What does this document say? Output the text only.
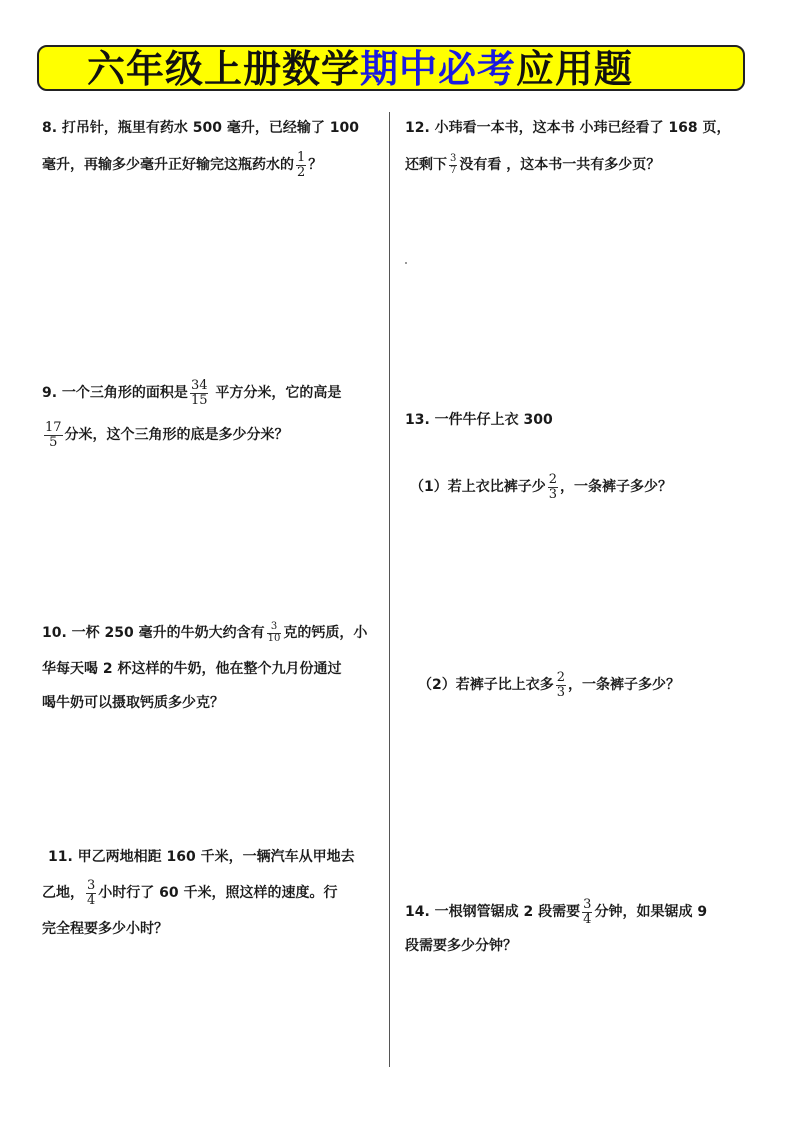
六年级上册数学期中必考应用题
8. 打吊针，瓶里有药水 500 毫升，已经输了 100
毫升，再输多少毫升正好输完这瓶药水的 $\frac{1}{2}$ ？
9. 一个三角形的面积是 $\frac{34}{15}$ 平方分米，它的高是
$\frac{17}{5}$ 分米，这个三角形的底是多少分米？
10. 一杯 250 毫升的牛奶大约含有 $\frac{3}{10}$ 克的钙质，小
华每天喝 2 杯这样的牛奶，他在整个九月份通过
喝牛奶可以摄取钙质多少克？
11. 甲乙两地相距 160 千米，一辆汽车从甲地去
乙地， $\frac{3}{4}$ 小时行了 60 千米，照这样的速度。行
完全程要多少小时？
12. 小玮看一本书，这本书 小玮已经看了 168 页，
还剩下 $\frac{3}{7}$ 没有看 ，这本书一共有多少页？
13. 一件牛仔上衣 300
（1）若上衣比裤子少 $\frac{2}{3}$ ，一条裤子多少？
（2）若裤子比上衣多 $\frac{2}{3}$ ，一条裤子多少？
14. 一根钢管锯成 2 段需要 $\frac{3}{4}$ 分钟，如果锯成 9
段需要多少分钟？
